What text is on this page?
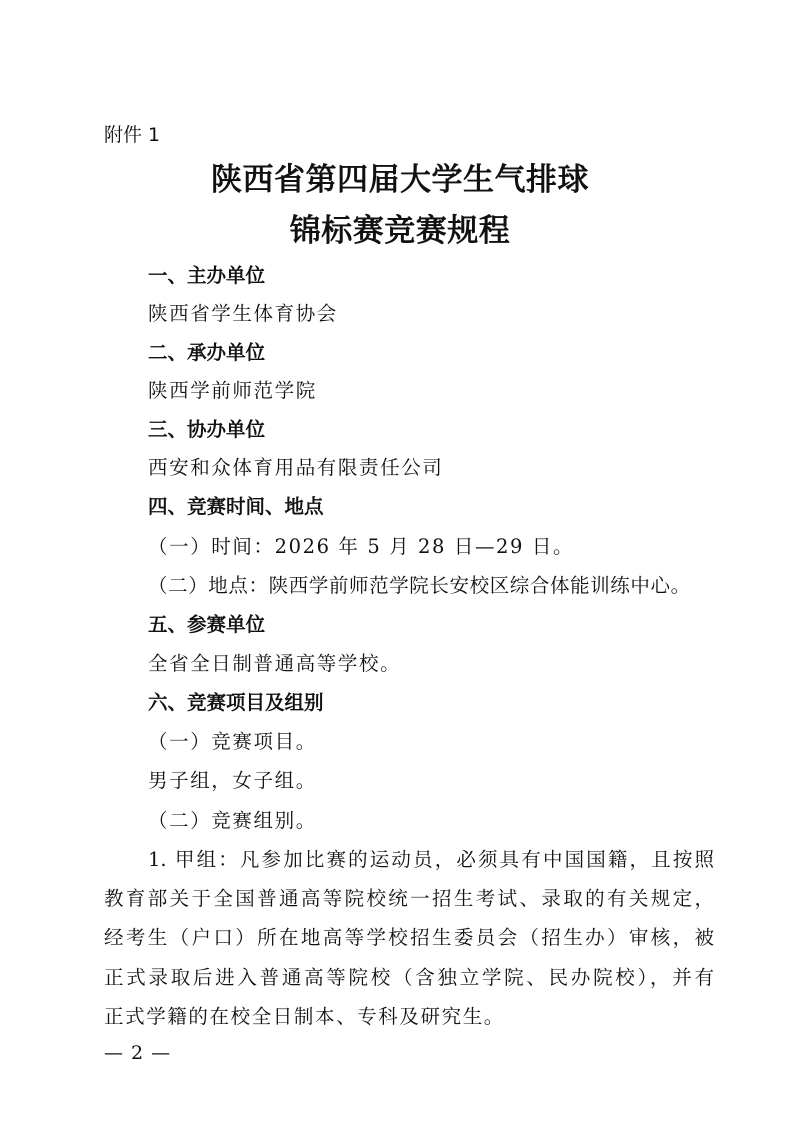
附件 1
陕西省第四届大学生气排球
锦标赛竞赛规程
一、主办单位
陕西省学生体育协会
二、承办单位
陕西学前师范学院
三、协办单位
西安和众体育用品有限责任公司
四、竞赛时间、地点
（一）时间：2026 年 5 月 28 日—29 日。
（二）地点：陕西学前师范学院长安校区综合体能训练中心。
五、参赛单位
全省全日制普通高等学校。
六、竞赛项目及组别
（一）竞赛项目。
男子组，女子组。
（二）竞赛组别。
1. 甲组：凡参加比赛的运动员，必须具有中国国籍，且按照
教育部关于全国普通高等院校统一招生考试、录取的有关规定，
经考生（户口）所在地高等学校招生委员会（招生办）审核，被
正式录取后进入普通高等院校（含独立学院、民办院校），并有
正式学籍的在校全日制本、专科及研究生。
— 2 —
